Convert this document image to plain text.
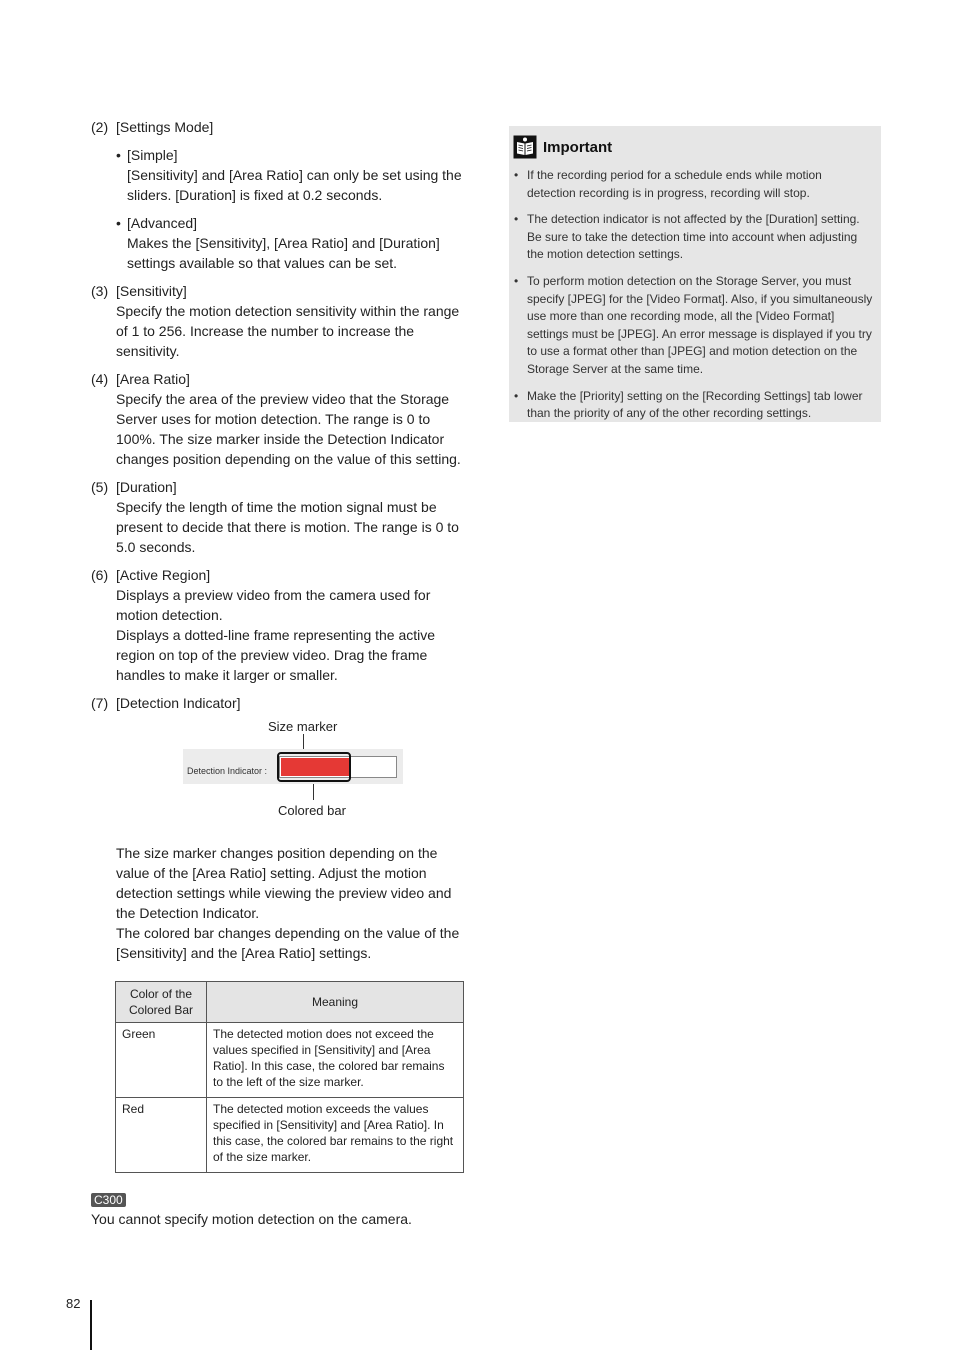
(2) [Settings Mode]
• [Simple]
[Sensitivity] and [Area Ratio] can only be set using the sliders. [Duration] is fixed at 0.2 seconds.
• [Advanced]
Makes the [Sensitivity], [Area Ratio] and [Duration] settings available so that values can be set.
(3) [Sensitivity]
Specify the motion detection sensitivity within the range of 1 to 256. Increase the number to increase the sensitivity.
(4) [Area Ratio]
Specify the area of the preview video that the Storage Server uses for motion detection. The range is 0 to 100%. The size marker inside the Detection Indicator changes position depending on the value of this setting.
(5) [Duration]
Specify the length of time the motion signal must be present to decide that there is motion. The range is 0 to 5.0 seconds.
(6) [Active Region]
Displays a preview video from the camera used for motion detection.
Displays a dotted-line frame representing the active region on top of the preview video. Drag the frame handles to make it larger or smaller.
(7) [Detection Indicator]
Size marker
Detection Indicator :
Colored bar
The size marker changes position depending on the value of the [Area Ratio] setting. Adjust the motion detection settings while viewing the preview video and the Detection Indicator.
The colored bar changes depending on the value of the [Sensitivity] and the [Area Ratio] settings.
Color of the Colored Bar	Meaning
Green	The detected motion does not exceed the values specified in [Sensitivity] and [Area Ratio]. In this case, the colored bar remains to the left of the size marker.
Red	The detected motion exceeds the values specified in [Sensitivity] and [Area Ratio]. In this case, the colored bar remains to the right of the size marker.
C300
You cannot specify motion detection on the camera.
Important
• If the recording period for a schedule ends while motion detection recording is in progress, recording will stop.
• The detection indicator is not affected by the [Duration] setting. Be sure to take the detection time into account when adjusting the motion detection settings.
• To perform motion detection on the Storage Server, you must specify [JPEG] for the [Video Format]. Also, if you simultaneously use more than one recording mode, all the [Video Format] settings must be [JPEG]. An error message is displayed if you try to use a format other than [JPEG] and motion detection on the Storage Server at the same time.
• Make the [Priority] setting on the [Recording Settings] tab lower than the priority of any of the other recording settings.
82
